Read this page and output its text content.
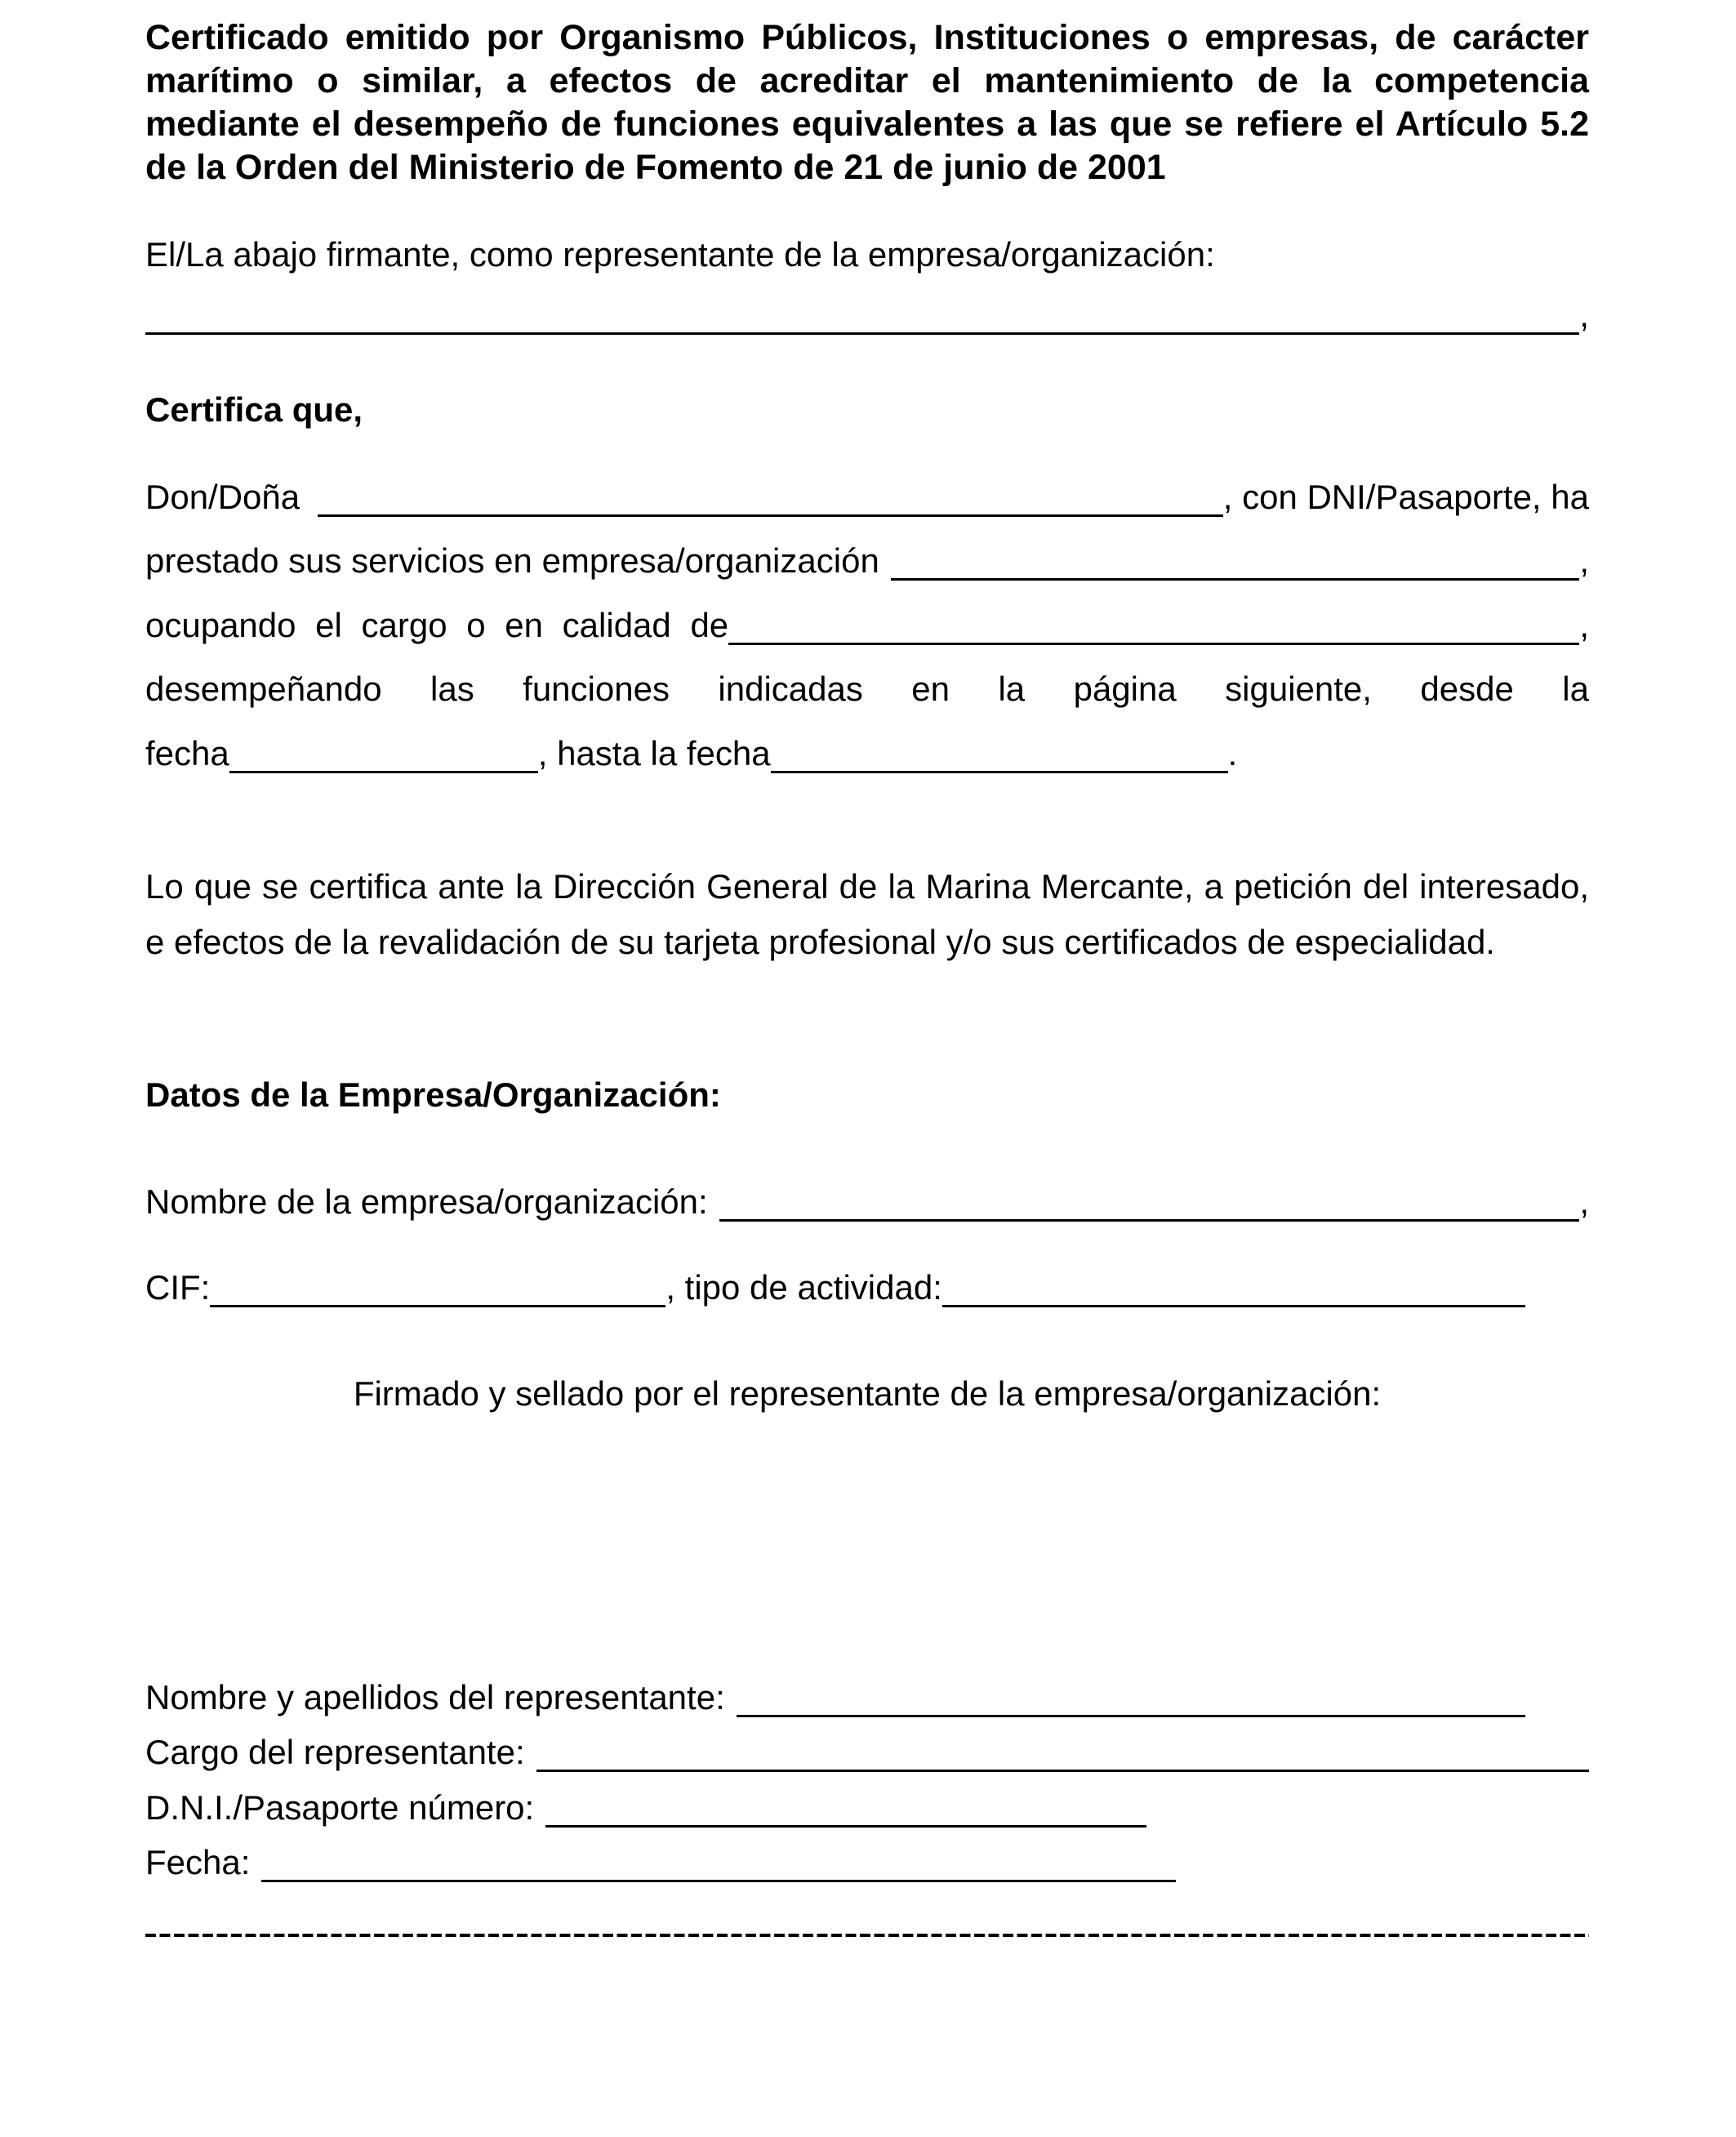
Certificado emitido por Organismo Públicos, Instituciones o empresas, de carácter marítimo o similar, a efectos de acreditar el mantenimiento de la competencia mediante el desempeño de funciones equivalentes a las que se refiere el Artículo 5.2 de la Orden del Ministerio de Fomento de 21 de junio de 2001
El/La abajo firmante, como representante de la empresa/organización:
,
Certifica que,
Don/Doña	, con DNI/Pasaporte, ha
prestado sus servicios en empresa/organización	,
ocupando el cargo o en calidad de	,
desempeñando las funciones indicadas en la página siguiente, desde la
fecha	, hasta la fecha	.
Lo que se certifica ante la Dirección General de la Marina Mercante, a petición del interesado, e efectos de la revalidación de su tarjeta profesional y/o sus certificados de especialidad.
Datos de la Empresa/Organización:
Nombre de la empresa/organización:	,
CIF:	, tipo de actividad:
Firmado y sellado por el representante de la empresa/organización:
Nombre y apellidos del representante:
Cargo del representante:
D.N.I./Pasaporte número:
Fecha:
